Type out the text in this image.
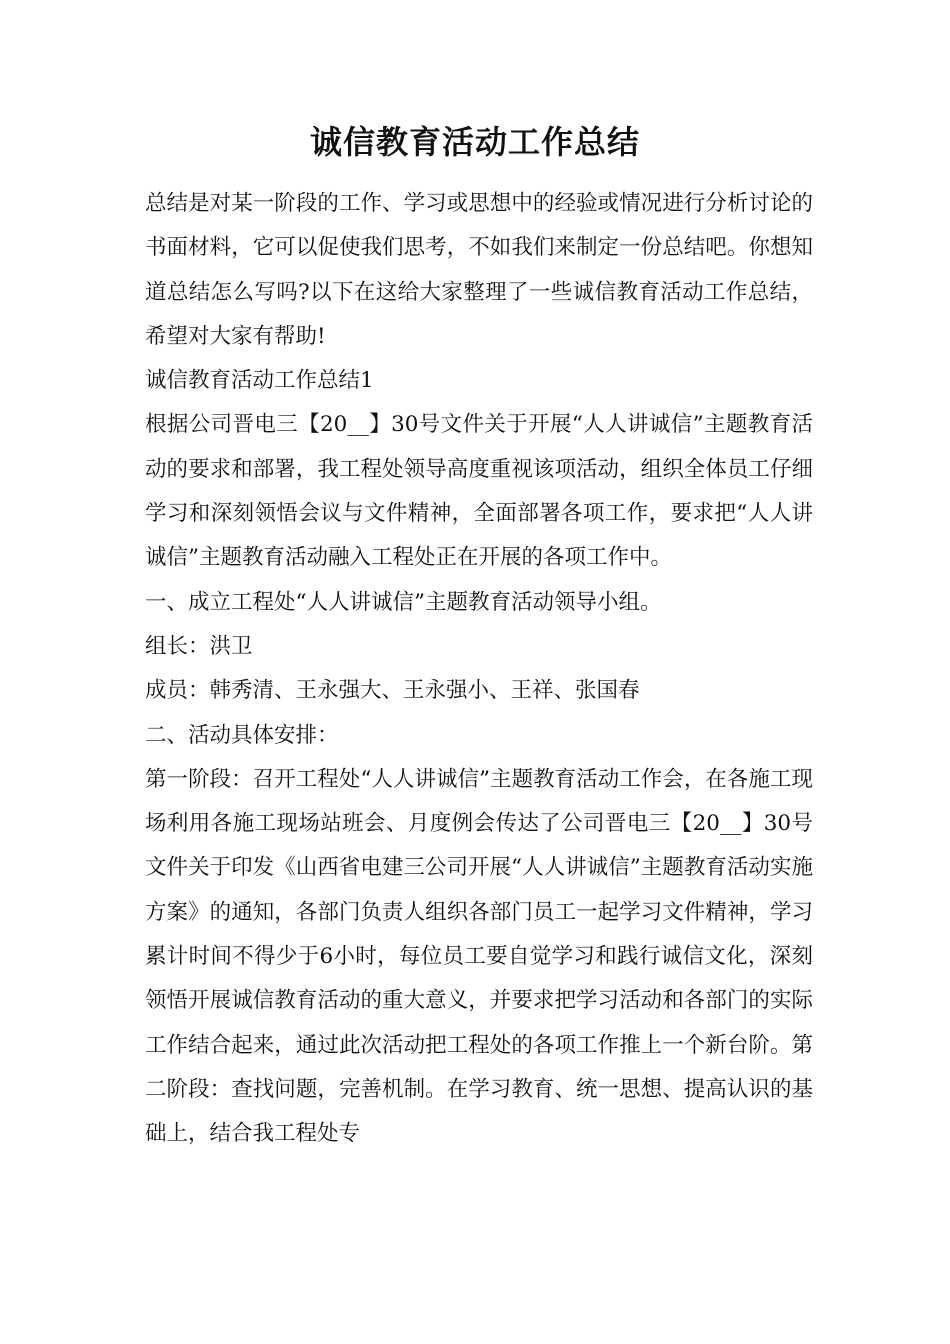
诚信教育活动工作总结

总结是对某一阶段的工作、学习或思想中的经验或情况进行分析讨论的书面材料，它可以促使我们思考，不如我们来制定一份总结吧。你想知道总结怎么写吗?以下在这给大家整理了一些诚信教育活动工作总结，希望对大家有帮助!

诚信教育活动工作总结1

根据公司晋电三【20__】30号文件关于开展“人人讲诚信”主题教育活动的要求和部署，我工程处领导高度重视该项活动，组织全体员工仔细学习和深刻领悟会议与文件精神，全面部署各项工作，要求把“人人讲诚信”主题教育活动融入工程处正在开展的各项工作中。

一、成立工程处“人人讲诚信”主题教育活动领导小组。

组长：洪卫

成员：韩秀清、王永强大、王永强小、王祥、张国春

二、活动具体安排：

第一阶段：召开工程处“人人讲诚信”主题教育活动工作会，在各施工现场利用各施工现场站班会、月度例会传达了公司晋电三【20__】30号文件关于印发《山西省电建三公司开展“人人讲诚信”主题教育活动实施方案》的通知，各部门负责人组织各部门员工一起学习文件精神，学习累计时间不得少于6小时，每位员工要自觉学习和践行诚信文化，深刻领悟开展诚信教育活动的重大意义，并要求把学习活动和各部门的实际工作结合起来，通过此次活动把工程处的各项工作推上一个新台阶。第二阶段：查找问题，完善机制。在学习教育、统一思想、提高认识的基础上，结合我工程处专
